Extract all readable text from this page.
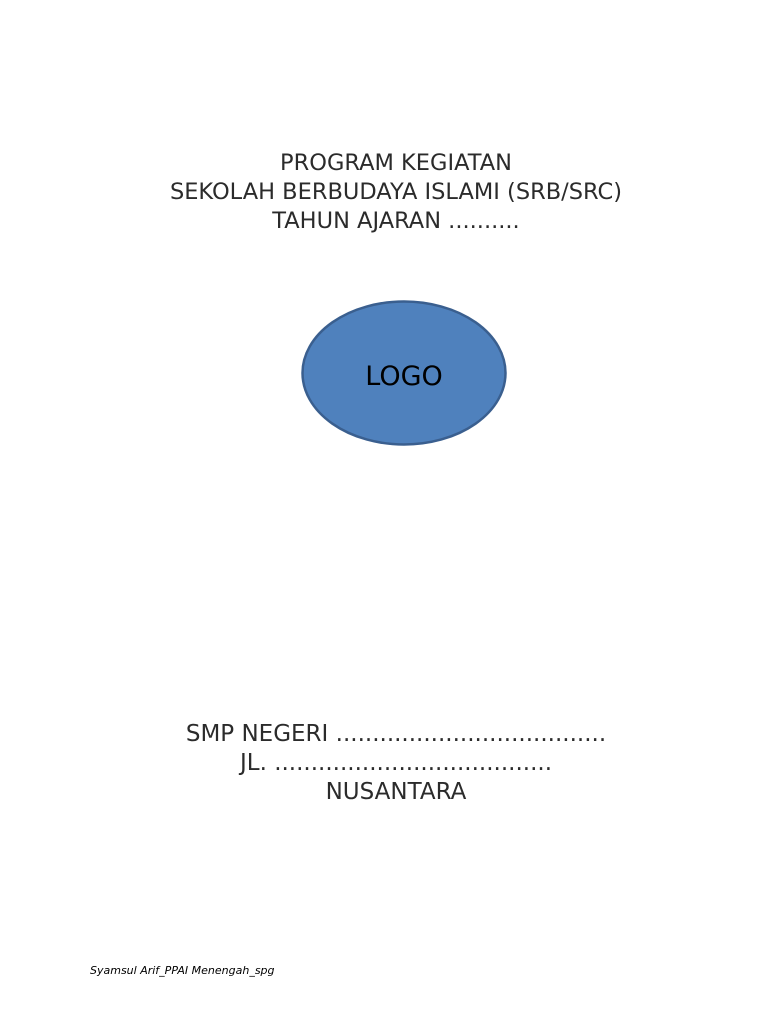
PROGRAM KEGIATAN
SEKOLAH BERBUDAYA ISLAMI (SRB/SRC)
TAHUN AJARAN ..........
LOGO
SMP NEGERI .....................................
JL. ......................................
NUSANTARA
Syamsul Arif_PPAI Menengah_spg
